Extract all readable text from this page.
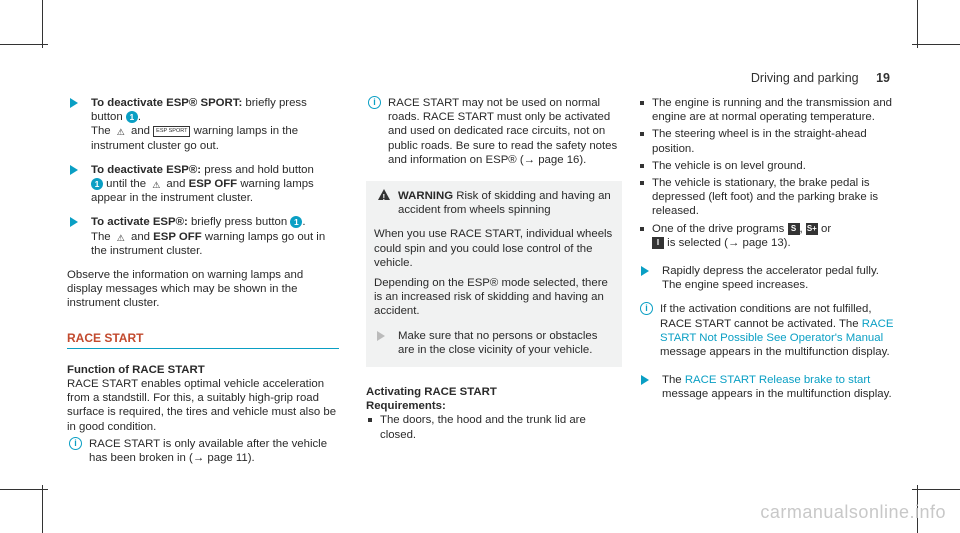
Driving and parking 19
To deactivate ESP® SPORT: briefly press button 1 .
The ⚠ and ESP SPORT warning lamps in the instrument cluster go out.
To deactivate ESP®: press and hold button
1 until the ⚠ and ESP OFF warning lamps appear in the instrument cluster.
To activate ESP®: briefly press button 1 .
The ⚠ and ESP OFF warning lamps go out in the instrument cluster.

Observe the information on warning lamps and display messages which may be shown in the instrument cluster.

RACE START

Function of RACE START

RACE START enables optimal vehicle acceleration from a standstill. For this, a suitably high-grip road surface is required, the tires and vehicle must also be in good condition.

i	RACE START is only available after the vehicle has been broken in (→ page 11).
i	RACE START may not be used on normal roads. RACE START must only be activated and used on dedicated race circuits, not on public roads. Be sure to read the safety notes and information on ESP® (→ page 16).
! WARNING Risk of skidding and having an accident from wheels spinning

When you use RACE START, individual wheels could spin and you could lose control of the vehicle.

Depending on the ESP® mode selected, there is an increased risk of skidding and having an accident.

Make sure that no persons or obstacles are in the close vicinity of your vehicle.

Activating RACE START

Requirements:

The doors, the hood and the trunk lid are closed.
The engine is running and the transmission and engine are at normal operating temperature.
The steering wheel is in the straight-ahead position.
The vehicle is on level ground.
The vehicle is stationary, the brake pedal is depressed (left foot) and the parking brake is released.
One of the drive programs S , S+ or
I is selected (→ page 13).
Rapidly depress the accelerator pedal fully. The engine speed increases.
i	If the activation conditions are not fulfilled, RACE START cannot be activated. The RACE START Not Possible See Operator's Manual message appears in the multifunction display.
The RACE START Release brake to start message appears in the multifunction display.
carmanualsonline.info
